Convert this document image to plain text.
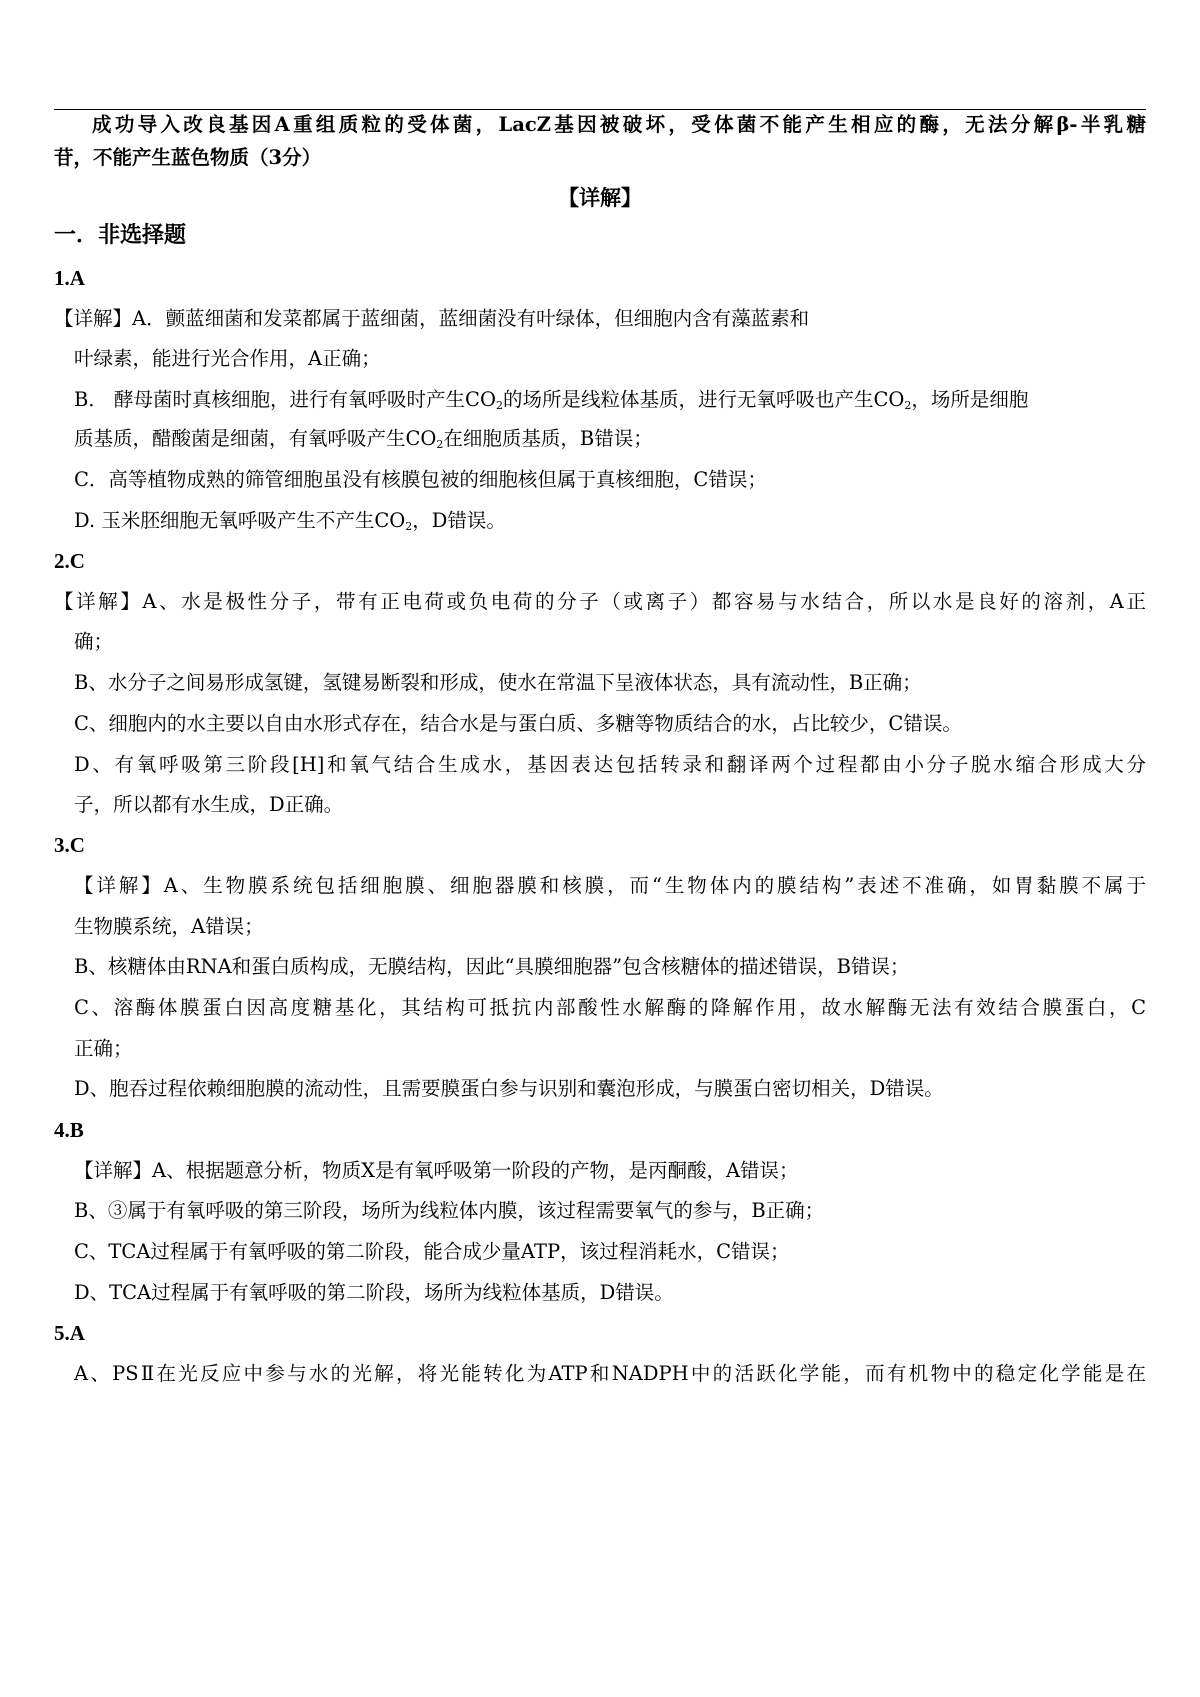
成功导入改良基因A重组质粒的受体菌，LacZ基因被破坏，受体菌不能产生相应的酶，无法分解β-半乳糖
苷，不能产生蓝色物质（3分）
【详解】
一．非选择题
1.A
【详解】A．颤蓝细菌和发菜都属于蓝细菌，蓝细菌没有叶绿体，但细胞内含有藻蓝素和
叶绿素，能进行光合作用，A正确；
B． 酵母菌时真核细胞，进行有氧呼吸时产生$CO_2$的场所是线粒体基质，进行无氧呼吸也产生$CO_2$，场所是细胞
质基质，醋酸菌是细菌，有氧呼吸产生$CO_2$在细胞质基质，B错误；
C．高等植物成熟的筛管细胞虽没有核膜包被的细胞核但属于真核细胞，C错误；
D. 玉米胚细胞无氧呼吸产生不产生$CO_2$，D错误。
2.C
【详解】A、水是极性分子，带有正电荷或负电荷的分子（或离子）都容易与水结合，所以水是良好的溶剂，A正
确；
B、水分子之间易形成氢键，氢键易断裂和形成，使水在常温下呈液体状态，具有流动性，B正确；
C、细胞内的水主要以自由水形式存在，结合水是与蛋白质、多糖等物质结合的水，占比较少，C错误。
D、有氧呼吸第三阶段[H]和氧气结合生成水，基因表达包括转录和翻译两个过程都由小分子脱水缩合形成大分
子，所以都有水生成，D正确。
3.C
【详解】A、生物膜系统包括细胞膜、细胞器膜和核膜，而“生物体内的膜结构”表述不准确，如胃黏膜不属于
生物膜系统，A错误；
B、核糖体由RNA和蛋白质构成，无膜结构，因此“具膜细胞器”包含核糖体的描述错误，B错误；
C、溶酶体膜蛋白因高度糖基化，其结构可抵抗内部酸性水解酶的降解作用，故水解酶无法有效结合膜蛋白，C
正确；
D、胞吞过程依赖细胞膜的流动性，且需要膜蛋白参与识别和囊泡形成，与膜蛋白密切相关，D错误。
4.B
【详解】A、根据题意分析，物质X是有氧呼吸第一阶段的产物，是丙酮酸，A错误；
B、③属于有氧呼吸的第三阶段，场所为线粒体内膜，该过程需要氧气的参与，B正确；
C、TCA过程属于有氧呼吸的第二阶段，能合成少量ATP，该过程消耗水，C错误；
D、TCA过程属于有氧呼吸的第二阶段，场所为线粒体基质，D错误。
5.A
A、PSⅡ在光反应中参与水的光解，将光能转化为ATP和NADPH中的活跃化学能，而有机物中的稳定化学能是在
